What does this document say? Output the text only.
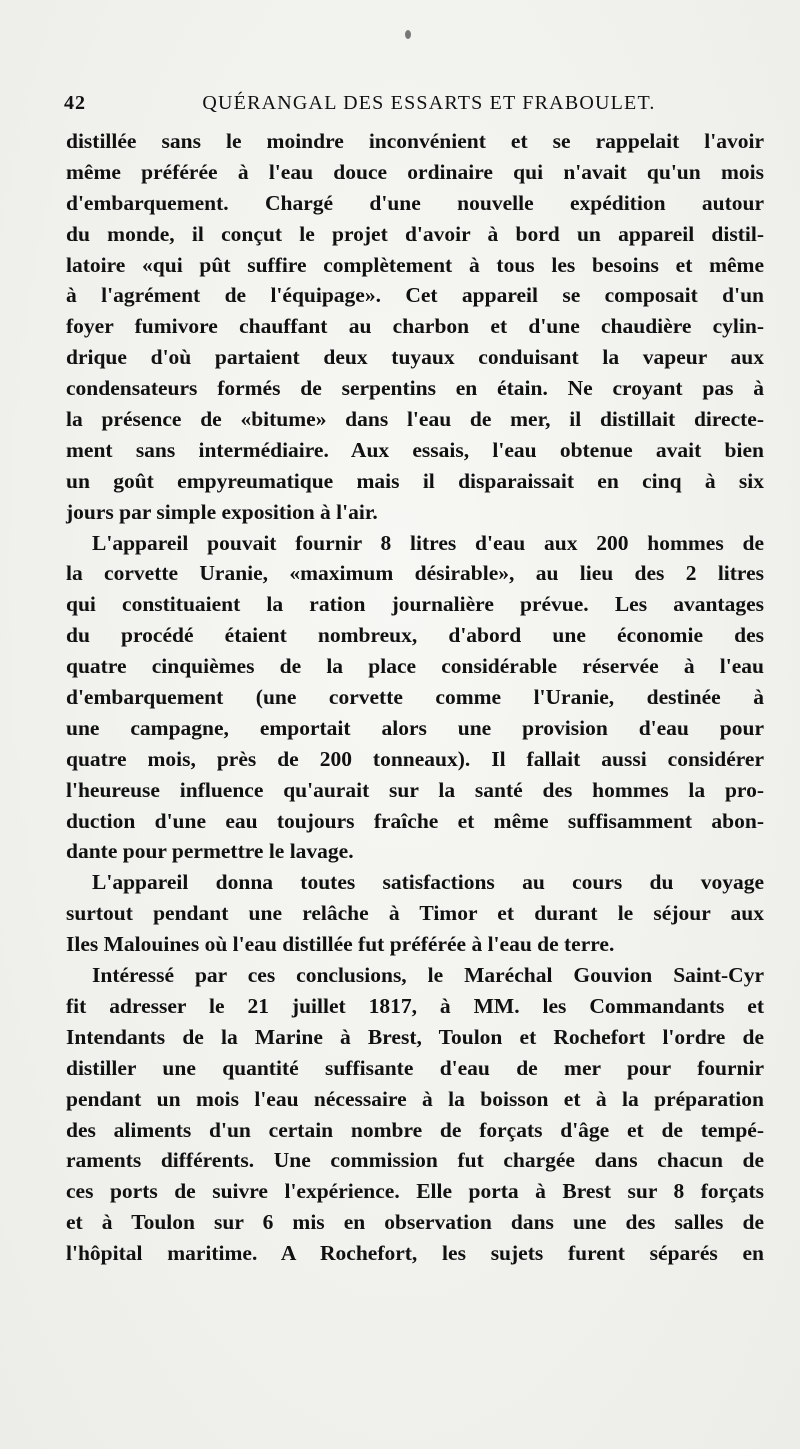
42	QUÉRANGAL DES ESSARTS ET FRABOULET.
distillée sans le moindre inconvénient et se rappelait l'avoir
même préférée à l'eau douce ordinaire qui n'avait qu'un mois
d'embarquement. Chargé d'une nouvelle expédition autour
du monde, il conçut le projet d'avoir à bord un appareil distil-
latoire «qui pût suffire complètement à tous les besoins et même
à l'agrément de l'équipage». Cet appareil se composait d'un
foyer fumivore chauffant au charbon et d'une chaudière cylin-
drique d'où partaient deux tuyaux conduisant la vapeur aux
condensateurs formés de serpentins en étain. Ne croyant pas à
la présence de «bitume» dans l'eau de mer, il distillait directe-
ment sans intermédiaire. Aux essais, l'eau obtenue avait bien
un goût empyreumatique mais il disparaissait en cinq à six
jours par simple exposition à l'air.
L'appareil pouvait fournir 8 litres d'eau aux 200 hommes de
la corvette Uranie, «maximum désirable», au lieu des 2 litres
qui constituaient la ration journalière prévue. Les avantages
du procédé étaient nombreux, d'abord une économie des
quatre cinquièmes de la place considérable réservée à l'eau
d'embarquement (une corvette comme l'Uranie, destinée à
une campagne, emportait alors une provision d'eau pour
quatre mois, près de 200 tonneaux). Il fallait aussi considérer
l'heureuse influence qu'aurait sur la santé des hommes la pro-
duction d'une eau toujours fraîche et même suffisamment abon-
dante pour permettre le lavage.
L'appareil donna toutes satisfactions au cours du voyage
surtout pendant une relâche à Timor et durant le séjour aux
Iles Malouines où l'eau distillée fut préférée à l'eau de terre.
Intéressé par ces conclusions, le Maréchal Gouvion Saint-Cyr
fit adresser le 21 juillet 1817, à MM. les Commandants et
Intendants de la Marine à Brest, Toulon et Rochefort l'ordre de
distiller une quantité suffisante d'eau de mer pour fournir
pendant un mois l'eau nécessaire à la boisson et à la préparation
des aliments d'un certain nombre de forçats d'âge et de tempé-
raments différents. Une commission fut chargée dans chacun de
ces ports de suivre l'expérience. Elle porta à Brest sur 8 forçats
et à Toulon sur 6 mis en observation dans une des salles de
l'hôpital maritime. A Rochefort, les sujets furent séparés en
